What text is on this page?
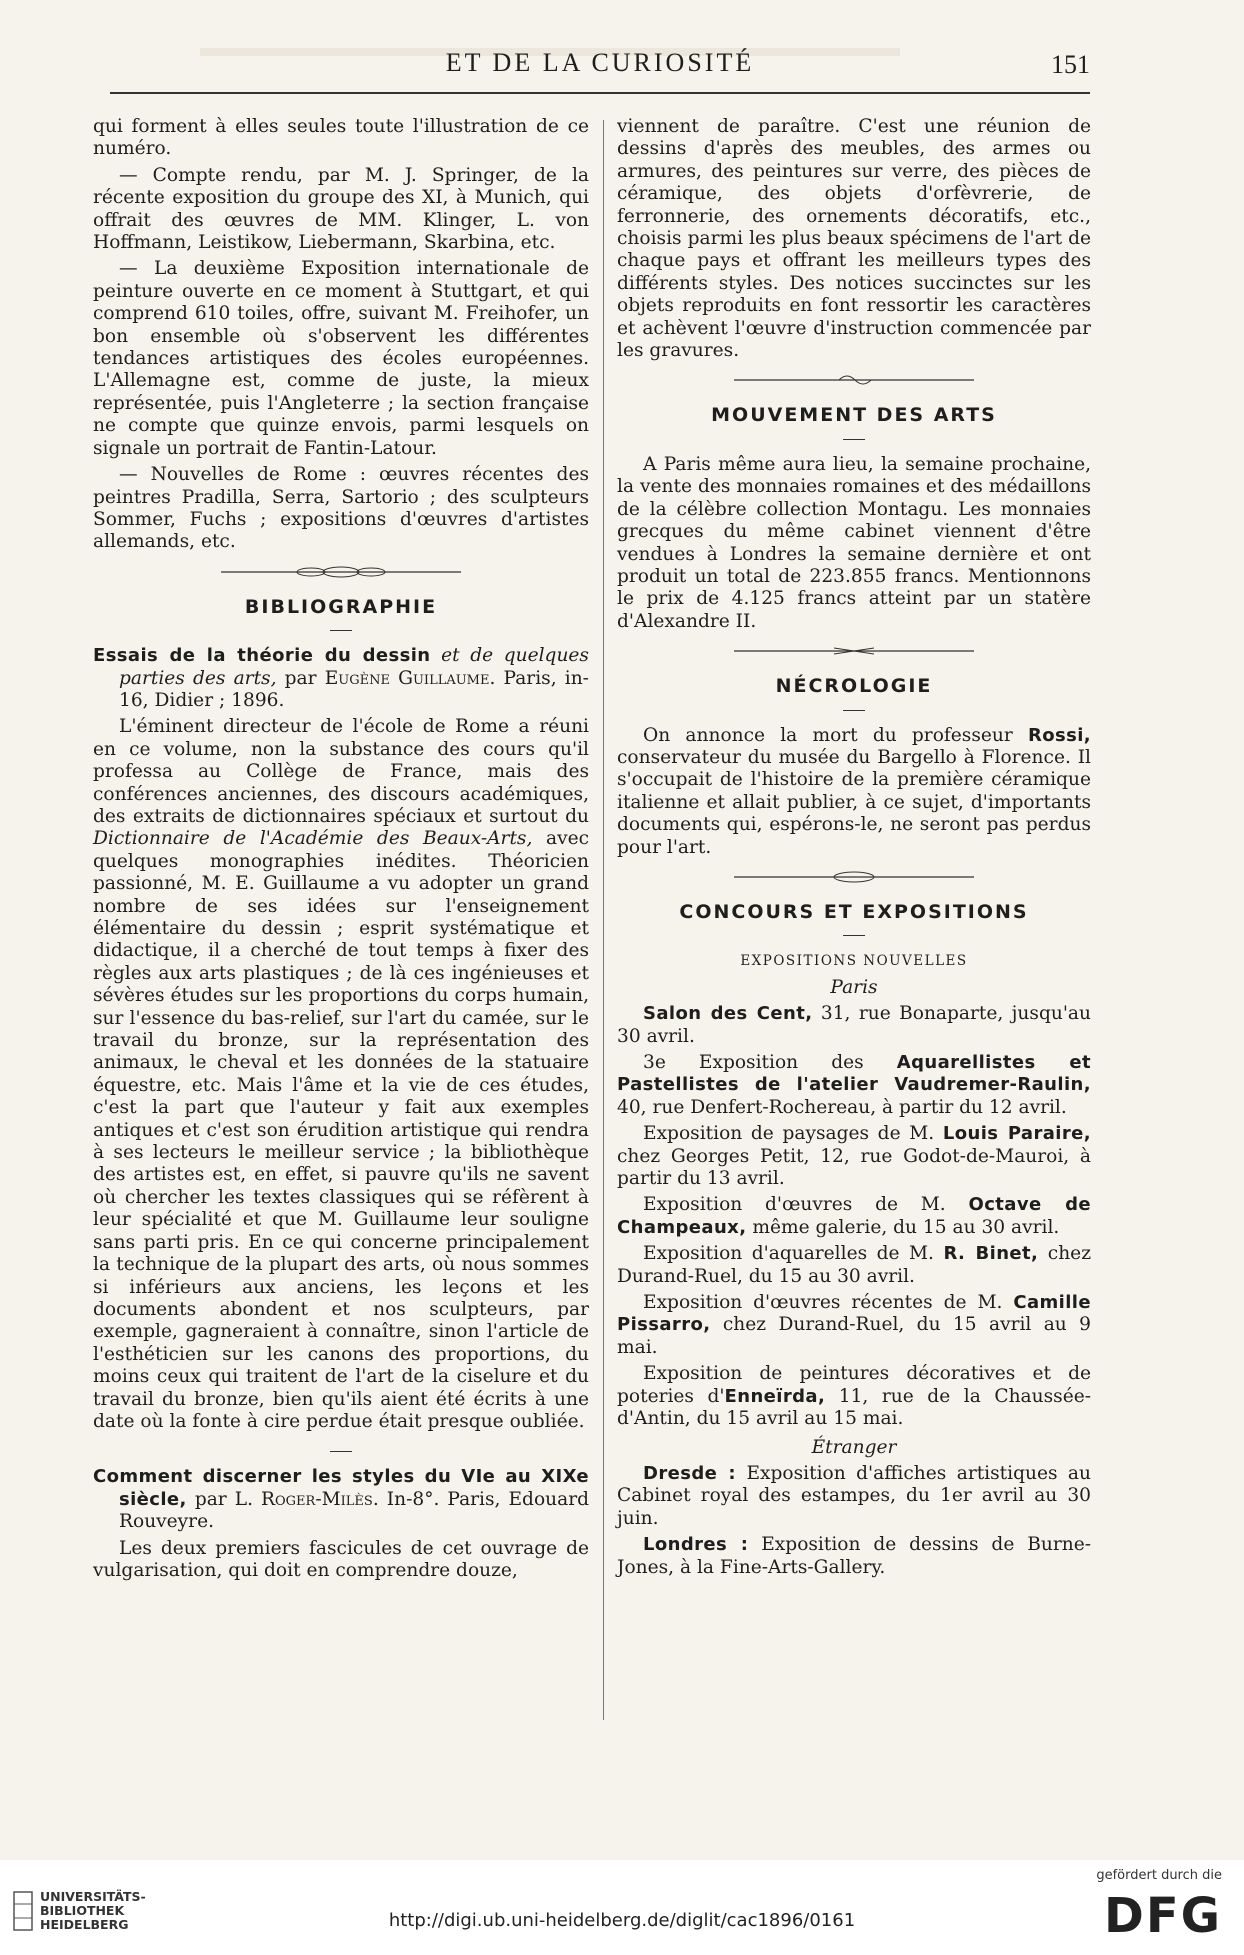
ET DE LA CURIOSITÉ	151

qui forment à elles seules toute l'illustration de ce numéro.

— Compte rendu, par M. J. Springer, de la récente exposition du groupe des XI, à Munich, qui offrait des œuvres de MM. Klinger, L. von Hoffmann, Leistikow, Liebermann, Skarbina, etc.

— La deuxième Exposition internationale de peinture ouverte en ce moment à Stuttgart, et qui comprend 610 toiles, offre, suivant M. Freihofer, un bon ensemble où s'observent les différentes tendances artistiques des écoles européennes. L'Allemagne est, comme de juste, la mieux représentée, puis l'Angleterre ; la section française ne compte que quinze envois, parmi lesquels on signale un portrait de Fantin-Latour.

— Nouvelles de Rome : œuvres récentes des peintres Pradilla, Serra, Sartorio ; des sculpteurs Sommer, Fuchs ; expositions d'œuvres d'artistes allemands, etc.

BIBLIOGRAPHIE

Essais de la théorie du dessin et de quelques parties des arts, par Eugène Guillaume. Paris, in-16, Didier ; 1896.

L'éminent directeur de l'école de Rome a réuni en ce volume, non la substance des cours qu'il professa au Collège de France, mais des conférences anciennes, des discours académiques, des extraits de dictionnaires spéciaux et surtout du Dictionnaire de l'Académie des Beaux-Arts, avec quelques monographies inédites. Théoricien passionné, M. E. Guillaume a vu adopter un grand nombre de ses idées sur l'enseignement élémentaire du dessin ; esprit systématique et didactique, il a cherché de tout temps à fixer des règles aux arts plastiques ; de là ces ingénieuses et sévères études sur les proportions du corps humain, sur l'essence du bas-relief, sur l'art du camée, sur le travail du bronze, sur la représentation des animaux, le cheval et les données de la statuaire équestre, etc. Mais l'âme et la vie de ces études, c'est la part que l'auteur y fait aux exemples antiques et c'est son érudition artistique qui rendra à ses lecteurs le meilleur service ; la bibliothèque des artistes est, en effet, si pauvre qu'ils ne savent où chercher les textes classiques qui se réfèrent à leur spécialité et que M. Guillaume leur souligne sans parti pris. En ce qui concerne principalement la technique de la plupart des arts, où nous sommes si inférieurs aux anciens, les leçons et les documents abondent et nos sculpteurs, par exemple, gagneraient à connaître, sinon l'article de l'esthéticien sur les canons des proportions, du moins ceux qui traitent de l'art de la ciselure et du travail du bronze, bien qu'ils aient été écrits à une date où la fonte à cire perdue était presque oubliée.

Comment discerner les styles du VIe au XIXe siècle, par L. Roger-Milès. In-8°. Paris, Edouard Rouveyre.

Les deux premiers fascicules de cet ouvrage de vulgarisation, qui doit en comprendre douze,

viennent de paraître. C'est une réunion de dessins d'après des meubles, des armes ou armures, des peintures sur verre, des pièces de céramique, des objets d'orfèvrerie, de ferronnerie, des ornements décoratifs, etc., choisis parmi les plus beaux spécimens de l'art de chaque pays et offrant les meilleurs types des différents styles. Des notices succinctes sur les objets reproduits en font ressortir les caractères et achèvent l'œuvre d'instruction commencée par les gravures.

MOUVEMENT DES ARTS

A Paris même aura lieu, la semaine prochaine, la vente des monnaies romaines et des médaillons de la célèbre collection Montagu. Les monnaies grecques du même cabinet viennent d'être vendues à Londres la semaine dernière et ont produit un total de 223.855 francs. Mentionnons le prix de 4.125 francs atteint par un statère d'Alexandre II.

NÉCROLOGIE

On annonce la mort du professeur Rossi, conservateur du musée du Bargello à Florence. Il s'occupait de l'histoire de la première céramique italienne et allait publier, à ce sujet, d'importants documents qui, espérons-le, ne seront pas perdus pour l'art.

CONCOURS ET EXPOSITIONS
EXPOSITIONS NOUVELLES
Paris

Salon des Cent, 31, rue Bonaparte, jusqu'au 30 avril.

3e Exposition des Aquarellistes et Pastellistes de l'atelier Vaudremer-Raulin, 40, rue Denfert-Rochereau, à partir du 12 avril.

Exposition de paysages de M. Louis Paraire, chez Georges Petit, 12, rue Godot-de-Mauroi, à partir du 13 avril.

Exposition d'œuvres de M. Octave de Champeaux, même galerie, du 15 au 30 avril.

Exposition d'aquarelles de M. R. Binet, chez Durand-Ruel, du 15 au 30 avril.

Exposition d'œuvres récentes de M. Camille Pissarro, chez Durand-Ruel, du 15 avril au 9 mai.

Exposition de peintures décoratives et de poteries d'Enneïrda, 11, rue de la Chaussée-d'Antin, du 15 avril au 15 mai.

Étranger

Dresde : Exposition d'affiches artistiques au Cabinet royal des estampes, du 1er avril au 30 juin.

Londres : Exposition de dessins de Burne-Jones, à la Fine-Arts-Gallery.

UNIVERSITÄTS-
BIBLIOTHEK
HEIDELBERG	http://digi.ub.uni-heidelberg.de/diglit/cac1896/0161
gefördert durch die
DFG
